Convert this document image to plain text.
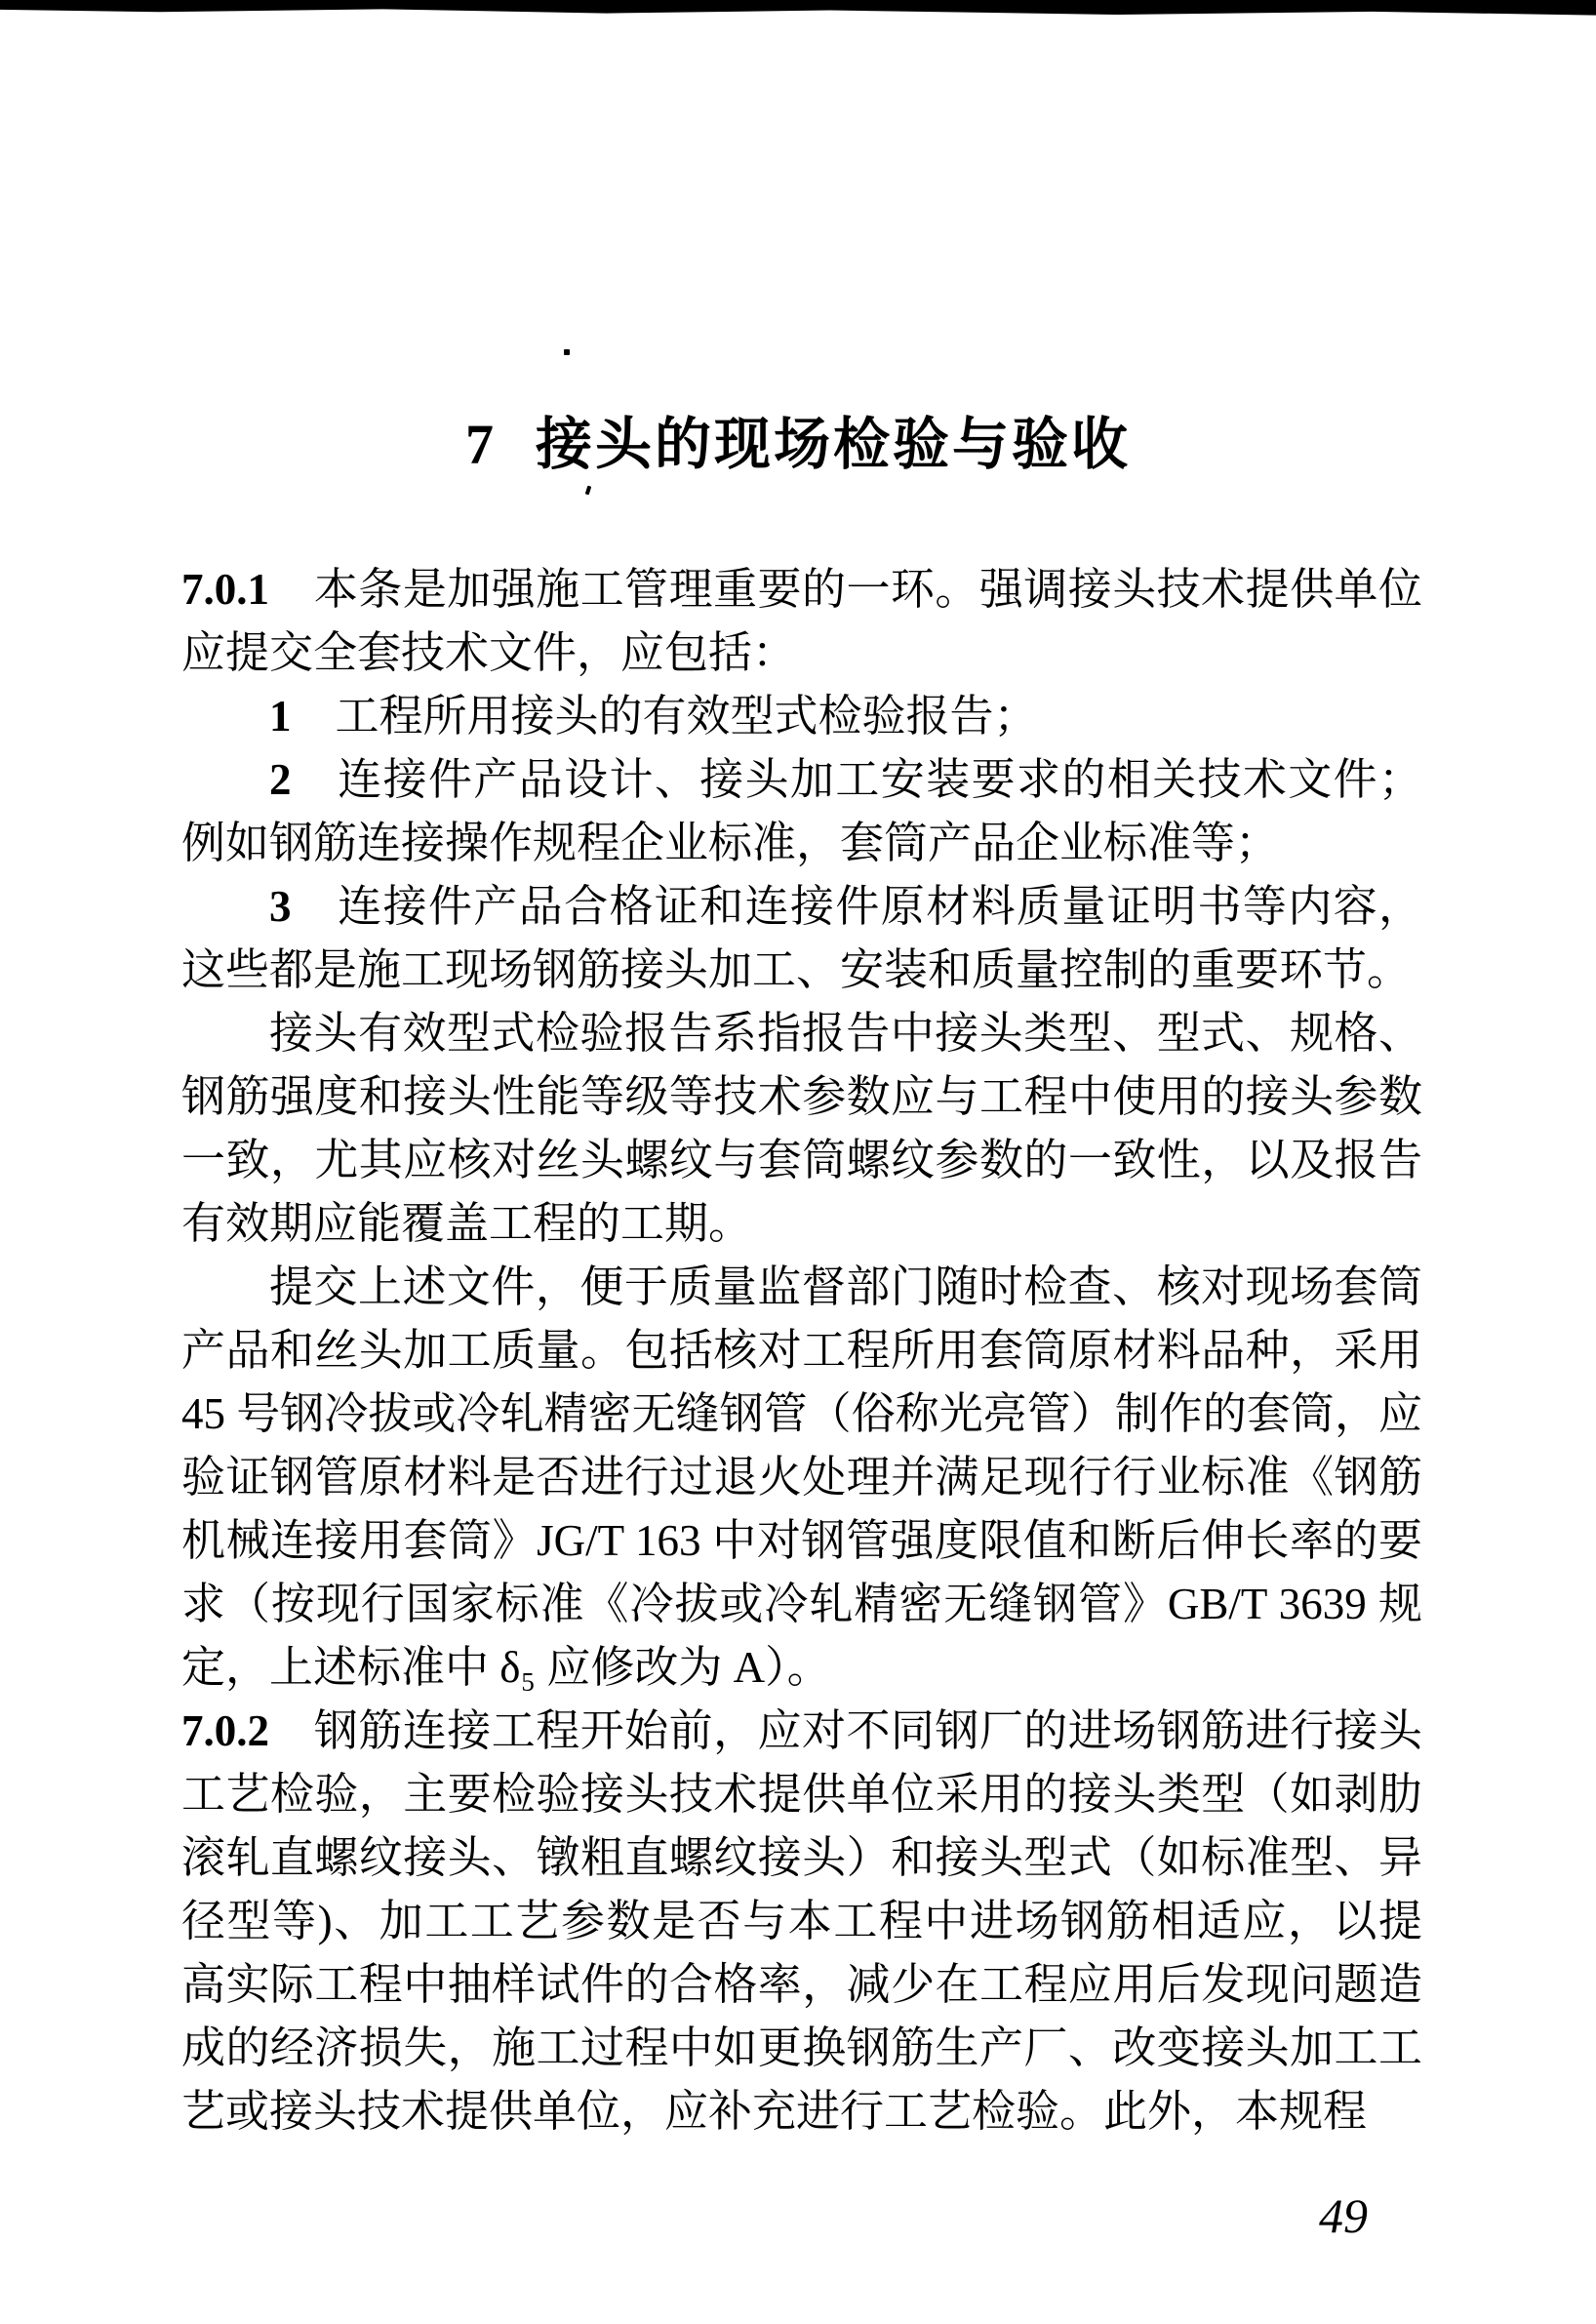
7 接头的现场检验与验收

7.0.1　本条是加强施工管理重要的一环。强调接头技术提供单位应提交全套技术文件，应包括：

1　工程所用接头的有效型式检验报告；

2　连接件产品设计、接头加工安装要求的相关技术文件；例如钢筋连接操作规程企业标准，套筒产品企业标准等；

3　连接件产品合格证和连接件原材料质量证明书等内容，这些都是施工现场钢筋接头加工、安装和质量控制的重要环节。

接头有效型式检验报告系指报告中接头类型、型式、规格、钢筋强度和接头性能等级等技术参数应与工程中使用的接头参数一致，尤其应核对丝头螺纹与套筒螺纹参数的一致性，以及报告有效期应能覆盖工程的工期。

提交上述文件，便于质量监督部门随时检查、核对现场套筒产品和丝头加工质量。包括核对工程所用套筒原材料品种，采用 45 号钢冷拔或冷轧精密无缝钢管（俗称光亮管）制作的套筒，应验证钢管原材料是否进行过退火处理并满足现行行业标准《钢筋机械连接用套筒》JG/T 163 中对钢管强度限值和断后伸长率的要求（按现行国家标准《冷拔或冷轧精密无缝钢管》GB/T 3639 规定，上述标准中 δ₅ 应修改为 A）。

7.0.2　钢筋连接工程开始前，应对不同钢厂的进场钢筋进行接头工艺检验，主要检验接头技术提供单位采用的接头类型（如剥肋滚轧直螺纹接头、镦粗直螺纹接头）和接头型式（如标准型、异径型等)、加工工艺参数是否与本工程中进场钢筋相适应，以提高实际工程中抽样试件的合格率，减少在工程应用后发现问题造成的经济损失，施工过程中如更换钢筋生产厂、改变接头加工工艺或接头技术提供单位，应补充进行工艺检验。此外，本规程

49
